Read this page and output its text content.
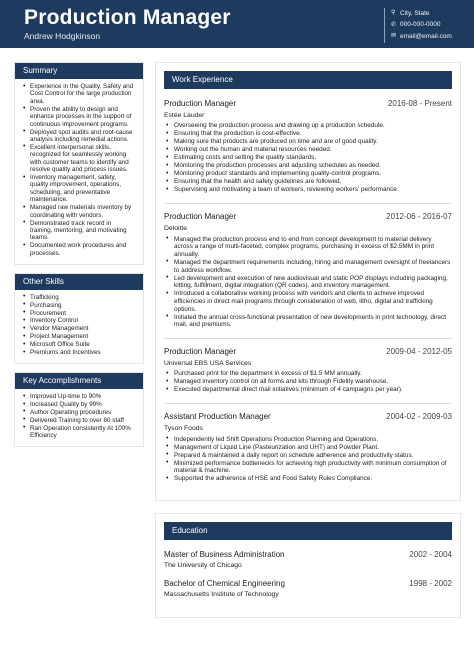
Production Manager
Andrew Hodgkinson
⚲ City, State
✆ 000-000-0000
✉ email@email.com
Summary
• Experience in the Quality, Safety and Cost Control for the large production area.
• Proven the ability to design and enhance processes in the support of continuous improvement programs.
• Deployed spot audits and root-cause analysis including remedial actions.
• Excellent interpersonal skills, recognized for seamlessly working with customer teams to identify and resolve quality and process issues.
• Inventory management, safety, quality improvement, operations, scheduling, and preventative maintenance.
• Managed raw materials inventory by coordinating with vendors.
• Demonstrated track record in training, mentoring, and motivating teams.
• Documented work procedures and processes.
Other Skills
• Trafficking
• Purchasing
• Procurement
• Inventory Control
• Vendor Management
• Project Management
• Microsoft Office Suite
• Premiums and Incentives
Key Accomplishments
• Improved Up-time to 90%
• Increased Quality by 90%
• Author Operating procedures
• Delivered Training to over 80 staff
• Ran Operation consistently At 100% Efficiency
Work Experience
Production Manager	2016-08 - Present
Estée Lauder
• Overseeing the production process and drawing up a production schedule.
• Ensuring that the production is cost-effective.
• Making sure that products are produced on time and are of good quality.
• Working out the human and material resources needed.
• Estimating costs and setting the quality standards.
• Monitoring the production processes and adjusting schedules as needed.
• Monitoring product standards and implementing quality-control programs.
• Ensuring that the health and safety guidelines are followed.
• Supervising and motivating a team of workers, reviewing workers' performance.
Production Manager	2012-06 - 2016-07
Deloitte
• Managed the production process end to end from concept development to material delivery across a range of multi-faceted, complex programs, purchasing in excess of $2.5MM in print annually.
• Managed the department requirements including, hiring and management oversight of freelancers to address workflow.
• Led development and execution of new audiovisual and static POP displays including packaging, kitting, fulfillment, digital integration (QR codes), and inventory management.
• Introduced a collaborative working process with vendors and clients to achieve improved efficiencies in direct mail programs through consideration of web, litho, digital and trafficking options.
• Initiated the annual cross-functional presentation of new developments in print technology, direct mail, and premiums.
Production Manager	2009-04 - 2012-05
Universal EBS USA Services
• Purchased print for the department in excess of $1.5 MM annually.
• Managed inventory control on all forms and kits through Fidelity warehouse.
• Executed departmental direct mail initiatives (minimum of 4 campaigns per year).
Assistant Production Manager	2004-02 - 2009-03
Tyson Foods
• Independently led Shift Operations Production Planning and Operations.
• Management of Liquid Line (Pasteurization and UHT) and Powder Plant.
• Prepared & maintained a daily report on schedule adherence and productivity status.
• Minimized performance bottlenecks for achieving high productivity with minimum consumption of material & machine.
• Supported the adherence of HSE and Food Safety Rules Compliance.
Education
Master of Business Administration	2002 - 2004
The University of Chicago
Bachelor of Chemical Engineering	1998 - 2002
Massachusetts Institute of Technology
